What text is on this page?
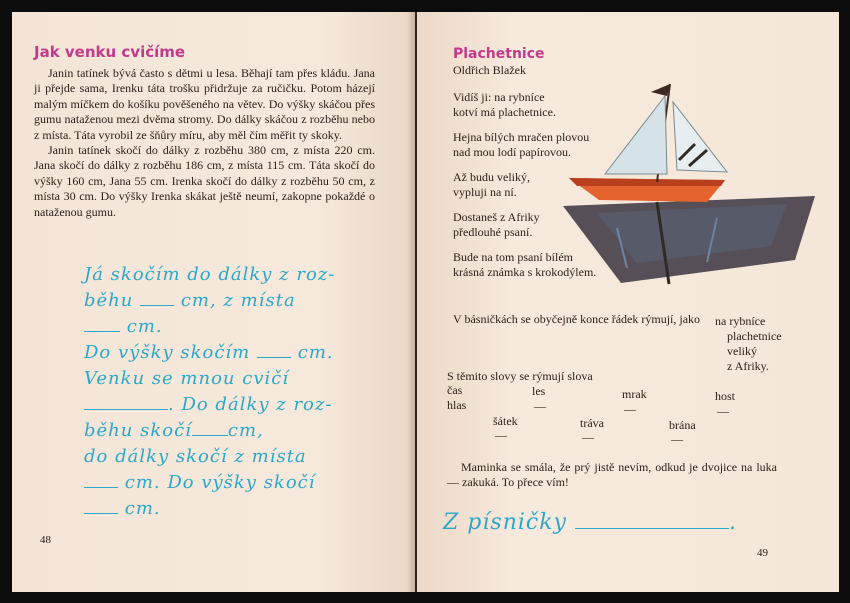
Jak venku cvičíme

Janin tatínek bývá často s dětmi u lesa. Běhají tam přes kládu. Jana ji přejde sama, Irenku táta trošku přidržuje za ručičku. Potom házejí malým míčkem do košíku pověšeného na větev. Do výšky skáčou přes gumu nataženou mezi dvěma stromy. Do dálky skáčou z rozběhu nebo z místa. Táta vyrobil ze šňůry míru, aby měl čím měřit ty skoky.

Janin tatínek skočí do dálky z rozběhu 380 cm, z místa 220 cm. Jana skočí do dálky z rozběhu 186 cm, z místa 115 cm. Táta skočí do výšky 160 cm, Jana 55 cm. Irenka skočí do dálky z rozběhu 50 cm, z místa 30 cm. Do výšky Irenka skákat ještě neumí, zakopne pokaždé o nataženou gumu.

Já skočím do dálky z roz-
běhu	cm, z místa
cm.
Do výšky skočím	cm.
Venku se mnou cvičí
. Do dálky z roz-
běhu skočí cm,
do dálky skočí z místa
cm. Do výšky skočí
cm.
48
Plachetnice
Oldřich Blažek
Vidíš ji: na rybníce
kotví má plachetnice.
Hejna bílých mračen plovou
nad mou lodí papírovou.
Až budu veliký,
vypluji na ní.
Dostaneš z Afriky
předlouhé psaní.
Bude na tom psaní bílém
krásná známka s krokodýlem.
V básničkách se obyčejně konce řádek rýmují, jako na rybníce
plachetnice
veliký
z Afriky.
S těmito slovy se rýmují slova
čas
hlas
les
—
mrak
—
host
—
šátek
—
tráva
—
brána
—

Maminka se smála, že prý jistě nevím, odkud je dvojice na luka — zakuká. To přece vím!

Z písničky	.
49
